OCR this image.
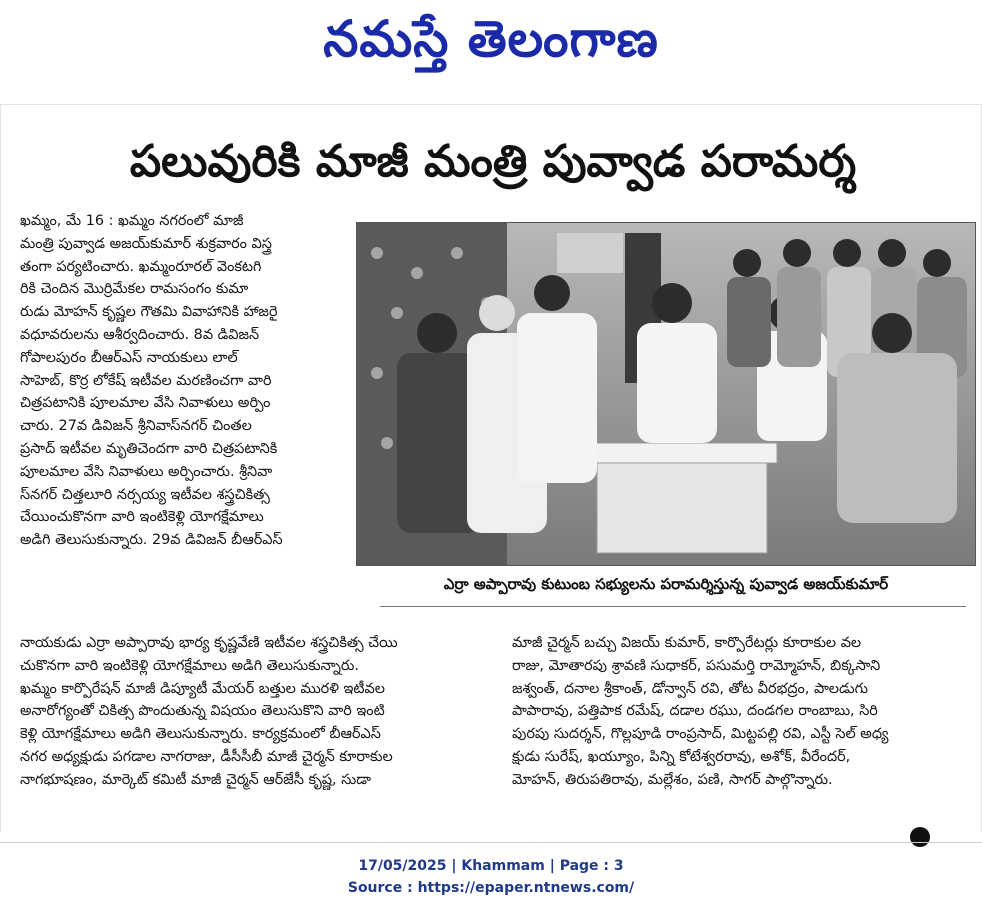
నమస్తే తెలంగాణ
పలువురికి మాజీ మంత్రి పువ్వాడ పరామర్శ
ఖమ్మం, మే 16 : ఖమ్మం నగరంలో మాజీ
మంత్రి పువ్వాడ అజయ్‌కుమార్ శుక్రవారం విస్త్ర
తంగా పర్యటించారు. ఖమ్మంరూరల్ వెంకటగి
రికి చెందిన మొర్రిమేకల రామసంగం కుమా
రుడు మోహన్ కృష్ణల గౌతమి వివాహానికి హాజరై
వధూవరులను ఆశీర్వదించారు. 8వ డివిజన్
గోపాలపురం బీఆర్‌ఎస్ నాయకులు లాల్
సాహెబ్, కొర్ర లోకేష్ ఇటీవల మరణించగా వారి
చిత్రపటానికి పూలమాల వేసి నివాళులు అర్పిం
చారు. 27వ డివిజన్ శ్రీనివాస్‌నగర్ చింతల
ప్రసాద్ ఇటీవల మృతిచెందగా వారి చిత్రపటానికి
పూలమాల వేసి నివాళులు అర్పించారు. శ్రీనివా
స్‌నగర్ చిత్తలూరి నర్సయ్య ఇటీవల శస్త్రచికిత్స
చేయించుకొనగా వారి ఇంటికెళ్లి యోగక్షేమాలు
అడిగి తెలుసుకున్నారు. 29వ డివిజన్ బీఆర్‌ఎస్
ఎర్రా అప్పారావు కుటుంబ సభ్యులను పరామర్శిస్తున్న పువ్వాడ అజయ్‌కుమార్
నాయకుడు ఎర్రా అప్పారావు భార్య కృష్ణవేణి ఇటీవల శస్త్రచికిత్స చేయి
చుకొనగా వారి ఇంటికెళ్లి యోగక్షేమాలు అడిగి తెలుసుకున్నారు.
ఖమ్మం కార్పొరేషన్ మాజీ డిప్యూటీ మేయర్ బత్తుల మురళి ఇటీవల
అనారోగ్యంతో చికిత్స పొందుతున్న విషయం తెలుసుకొని వారి ఇంటి
కెళ్లి యోగక్షేమాలు అడిగి తెలుసుకున్నారు. కార్యక్రమంలో బీఆర్‌ఎస్
నగర అధ్యక్షుడు పగడాల నాగరాజు, డీసీసీబీ మాజీ చైర్మన్ కూరాకుల
నాగభూషణం, మార్కెట్ కమిటీ మాజీ చైర్మన్ ఆర్‌జేసీ కృష్ణ, సుడా
మాజీ చైర్మన్ బచ్చు విజయ్ కుమార్, కార్పొరేటర్లు కూరాకుల వల
రాజు, మోతారపు శ్రావణి సుధాకర్, పసుమర్తి రామ్మోహన్, బిక్కసాని
జశ్వంత్, దనాల శ్రీకాంత్, డోన్వాన్ రవి, తోట వీరభద్రం, పాలడుగు
పాపారావు, పత్తిపాక రమేష్, దడాల రఘు, దండగల రాంబాబు, సిరి
పురపు సుదర్శన్, గొల్లపూడి రాంప్రసాద్, మిట్టపల్లి రవి, ఎస్టీ సెల్ అధ్య
క్షుడు సురేష్, ఖయ్యూం, పిన్ని కోటేశ్వరరావు, అశోక్, వీరేందర్,
మోహన్, తిరుపతిరావు, మల్లేశం, పణి, సాగర్ పాల్గొన్నారు.
17/05/2025 | Khammam | Page : 3
Source : https://epaper.ntnews.com/
